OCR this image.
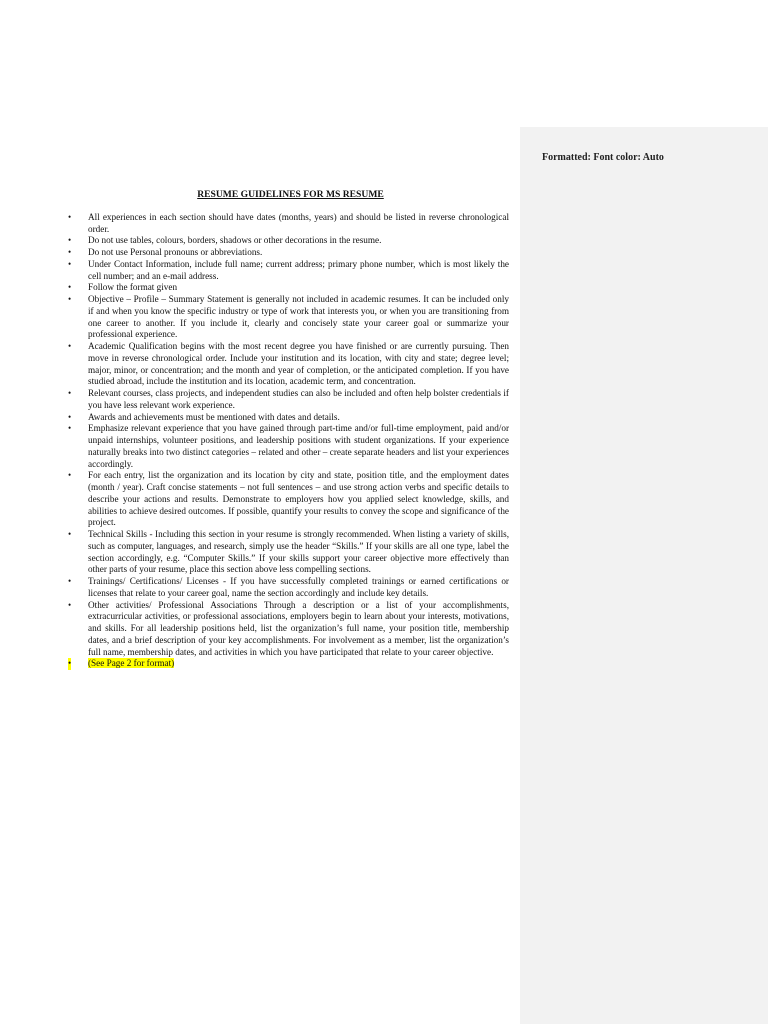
Formatted: Font color: Auto
RESUME GUIDELINES FOR MS RESUME
• All experiences in each section should have dates (months, years) and should be listed in reverse chronological order.
• Do not use tables, colours, borders, shadows or other decorations in the resume.
• Do not use Personal pronouns or abbreviations.
• Under Contact Information, include full name; current address; primary phone number, which is most likely the cell number; and an e-mail address.
• Follow the format given
• Objective – Profile – Summary Statement is generally not included in academic resumes. It can be included only if and when you know the specific industry or type of work that interests you, or when you are transitioning from one career to another. If you include it, clearly and concisely state your career goal or summarize your professional experience.
• Academic Qualification begins with the most recent degree you have finished or are currently pursuing. Then move in reverse chronological order. Include your institution and its location, with city and state; degree level; major, minor, or concentration; and the month and year of completion, or the anticipated completion. If you have studied abroad, include the institution and its location, academic term, and concentration.
• Relevant courses, class projects, and independent studies can also be included and often help bolster credentials if you have less relevant work experience.
• Awards and achievements must be mentioned with dates and details.
• Emphasize relevant experience that you have gained through part-time and/or full-time employment, paid and/or unpaid internships, volunteer positions, and leadership positions with student organizations. If your experience naturally breaks into two distinct categories – related and other – create separate headers and list your experiences accordingly.
• For each entry, list the organization and its location by city and state, position title, and the employment dates (month / year). Craft concise statements – not full sentences – and use strong action verbs and specific details to describe your actions and results. Demonstrate to employers how you applied select knowledge, skills, and abilities to achieve desired outcomes. If possible, quantify your results to convey the scope and significance of the project.
• Technical Skills - Including this section in your resume is strongly recommended. When listing a variety of skills, such as computer, languages, and research, simply use the header “Skills.” If your skills are all one type, label the section accordingly, e.g. “Computer Skills.” If your skills support your career objective more effectively than other parts of your resume, place this section above less compelling sections.
• Trainings/ Certifications/ Licenses - If you have successfully completed trainings or earned certifications or licenses that relate to your career goal, name the section accordingly and include key details.
• Other activities/ Professional Associations Through a description or a list of your accomplishments, extracurricular activities, or professional associations, employers begin to learn about your interests, motivations, and skills. For all leadership positions held, list the organization’s full name, your position title, membership dates, and a brief description of your key accomplishments. For involvement as a member, list the organization’s full name, membership dates, and activities in which you have participated that relate to your career objective.
• (See Page 2 for format)
